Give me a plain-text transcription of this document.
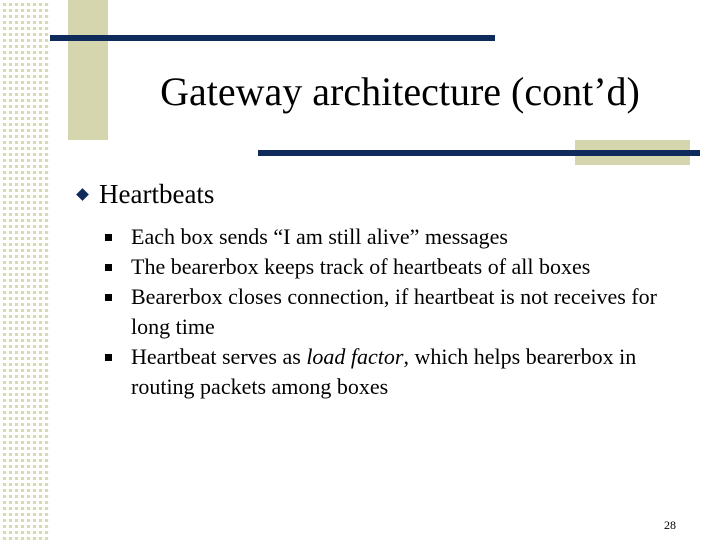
Gateway architecture (cont’d)
Heartbeats
Each box sends “I am still alive” messages
The bearerbox keeps track of heartbeats of all boxes
Bearerbox closes connection, if heartbeat is not receives for long time
Heartbeat serves as load factor, which helps bearerbox in routing packets among boxes
28
